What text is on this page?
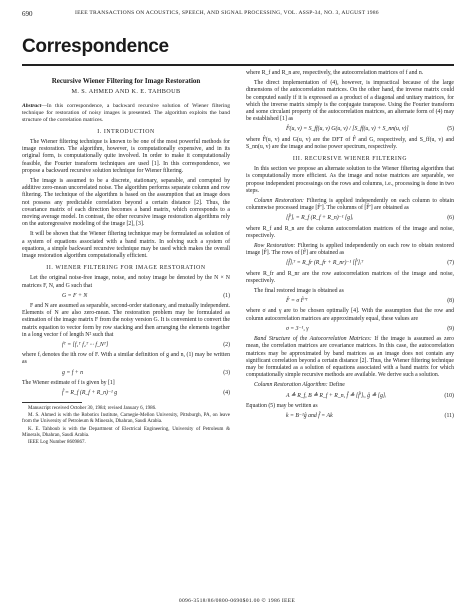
690	IEEE TRANSACTIONS ON ACOUSTICS, SPEECH, AND SIGNAL PROCESSING, VOL. ASSP-34, NO. 3, AUGUST 1986
Correspondence
Recursive Wiener Filtering for Image Restoration
M. S. AHMED AND K. E. TAHBOUB
Abstract—In this correspondence, a backward recursive solution of Wiener filtering technique for restoration of noisy images is presented. The algorithm exploits the band structure of the correlation matrices.
I. INTRODUCTION

The Wiener filtering technique is known to be one of the most powerful methods for image restoration. The algorithm, however, is computationally expensive, and in its original form, is computationally quite involved. In order to make it computationally feasible, the Fourier transform techniques are used [1]. In this correspondence, we propose a backward recursive solution technique for Wiener filtering.

The image is assumed to be a discrete, stationary, separable, and corrupted by additive zero-mean uncorrelated noise. The algorithm performs separate column and row filtering. The technique of the algorithm is based on the assumption that an image does not possess any predictable correlation beyond a certain distance [2]. Thus, the covariance matrix of each direction becomes a band matrix, which corresponds to a moving average model. In contrast, the other recursive image restoration algorithms rely on the autoregressive modeling of the image [2], [3].

It will be shown that the Wiener filtering technique may be formulated as solution of a system of equations associated with a band matrix. In solving such a system of equations, a simple backward recursive technique may be used which makes the overall image restoration algorithm computationally efficient.

II. WIENER FILTERING FOR IMAGE RESTORATION

Let the original noise-free image, noise, and noisy image be denoted by the N × N matrices F, N, and G such that

G = F + N	(1)

F and N are assumed as separable, second-order stationary, and mutually independent. Elements of N are also zero-mean. The restoration problem may be formulated as estimation of the image matrix F from the noisy version G. It is convenient to convert the matrix equation to vector form by row stacking and then arranging the elements together in a long vector f of length N² such that

fᵀ = [f₁ᵀ f₂ᵀ ··· f_Nᵀ]	(2)

where fᵢ denotes the ith row of F. With a similar definition of g and n, (1) may be written as

g = f + n	(3)

The Wiener estimate of f is given by [1]

f̂ = R_f (R_f + R_n)⁻¹ g	(4)

Manuscript received October 30, 1984; revised January 6, 1986.

M. S. Ahmed is with the Robotics Institute, Carnegie-Mellon University, Pittsburgh, PA, on leave from the University of Petroleum & Minerals, Dhahran, Saudi Arabia.

K. E. Tahboub is with the Department of Electrical Engineering, University of Petroleum & Minerals, Dhahran, Saudi Arabia.

IEEE Log Number 8609867.

where R_f and R_n are, respectively, the autocorrelation matrices of f and n.

The direct implementation of (4), however, is impractical because of the large dimensions of the autocorrelation matrices. On the other hand, the inverse matrix could be computed easily if it is expressed as a product of a diagonal and unitary matrices, for which the inverse matrix simply is the conjugate transpose. Using the Fourier transform and some circulant property of the autocorrelation matrices, an alternate form of (4) may be established [1] as

F̂(u, v) = S_ff(u, v) G(u, v) / [S_ff(u, v) + S_nn(u, v)]	(5)

where F̂(u, v) and G(u, v) are the DFT of F̂ and G, respectively, and S_ff(u, v) and S_nn(u, v) are the image and noise power spectrum, respectively.

III. RECURSIVE WIENER FILTERING

In this section we propose an alternate solution to the Wiener filtering algorithm that is computationally more efficient. As the image and noise matrices are separable, we propose independent processings on the rows and columns, i.e., processing is done in two steps.

Column Restoration: Filtering is applied independently on each column to obtain columnwise processed image [F̂′]. The columns of [F̂′] are obtained as

[f̂′]ᵢ = R_f (R_f + R_n)⁻¹ [g]ᵢ	(6)

where R_f and R_n are the column autocorrelation matrices of the image and noise, respectively.

Row Restoration: Filtering is applied independently on each row to obtain restored image [F̂]. The rows of [F̂] are obtained as

[f̂]ᵢᵀ = R_fr (R_fr + R_nr)⁻¹ [f̂′]ᵢᵀ	(7)

where R_fr and R_nr are the row autocorrelation matrices of the image and noise, respectively.

The final restored image is obtained as

F̂ = σ F̂′ᵀ	(8)

where σ and γ are to be chosen optimally [4]. With the assumption that the row and column autocorrelation matrices are approximately equal, these values are

σ = 3⁻¹, γ	(9)

Band Structure of the Autocorrelation Matrices: If the image is assumed as zero mean, the correlation matrices are covariance matrices. In this case, the autocorrelation matrices may be approximated by band matrices as an image does not contain any significant correlation beyond a certain distance [2]. Thus, the Wiener filtering technique may be formulated as a solution of equations associated with a band matrix for which computationally simple recursive methods are available. We derive such a solution.

Column Restoration Algorithm: Define

A ≜ R_f, B ≜ R_f + R_n, f̂ ≜ [f̂′]ᵢ, ĝ ≜ [g]ᵢ	(10)

Equation (5) may be written as

k = B⁻¹ĝ and f̂ = Ak	(11)
0096-3518/86/0800-0690$01.00 © 1986 IEEE
